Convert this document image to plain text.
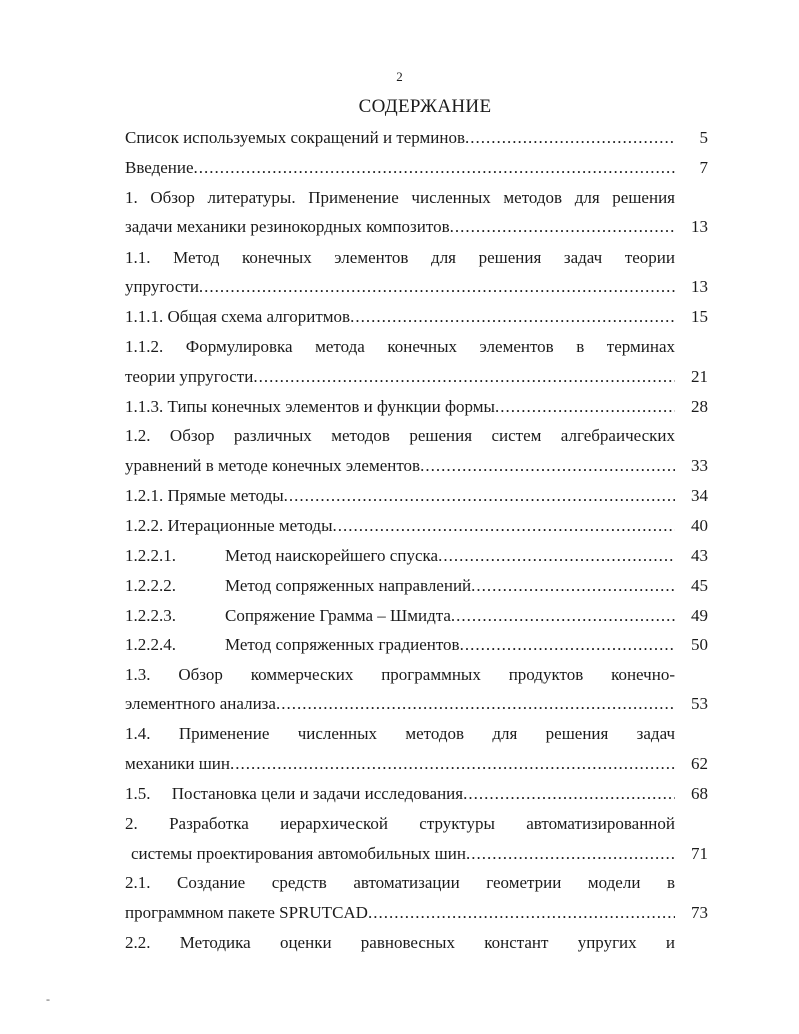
2
СОДЕРЖАНИЕ
Список используемых сокращений и терминов .....	5
Введение .....	7
1. Обзор литературы. Применение численных методов для решения
задачи механики резинокордных композитов .....	13
1.1. Метод конечных элементов для решения задач теории
упругости .....	13
1.1.1. Общая схема алгоритмов .....	15
1.1.2. Формулировка метода конечных элементов в терминах
теории упругости .....	21
1.1.3. Типы конечных элементов и функции формы .....	28
1.2. Обзор различных методов решения систем алгебраических
уравнений в методе конечных элементов .....	33
1.2.1. Прямые методы .....	34
1.2.2. Итерационные методы .....	40
1.2.2.1.	Метод наискорейшего спуска .....	43
1.2.2.2.	Метод сопряженных направлений .....	45
1.2.2.3.	Сопряжение Грамма – Шмидта .....	49
1.2.2.4.	Метод сопряженных градиентов .....	50
1.3. Обзор коммерческих программных продуктов конечно-
элементного анализа .....	53
1.4. Применение численных методов для решения задач
механики шин .....	62
1.5.     Постановка цели и задачи исследования .....	68
2. Разработка иерархической структуры автоматизированной
системы проектирования автомобильных шин .....	71
2.1. Создание средств автоматизации геометрии модели в
программном пакете SPRUTCAD .....	73
2.2. Методика оценки равновесных констант упругих и
-
